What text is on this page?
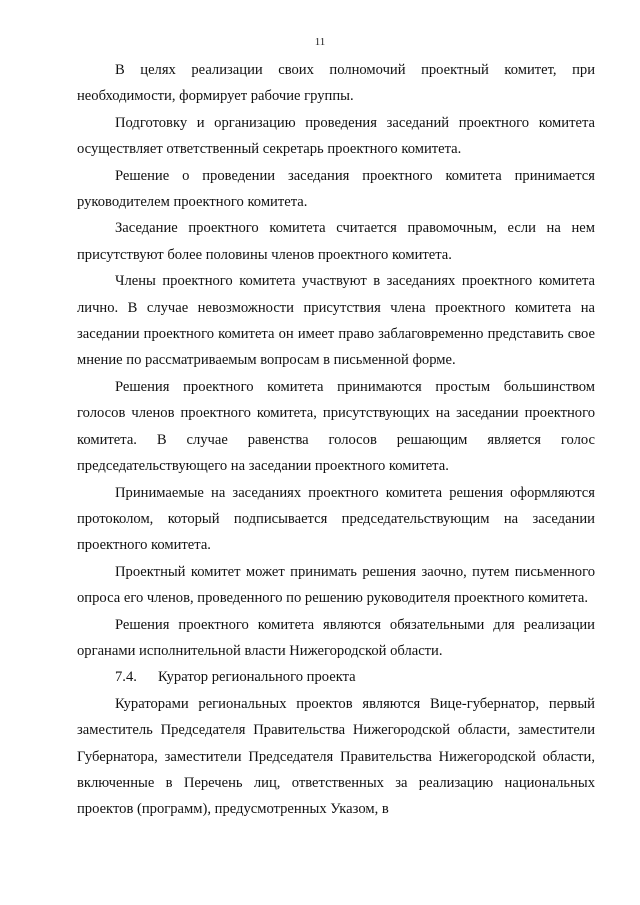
11

В целях реализации своих полномочий проектный комитет, при необходимости, формирует рабочие группы.

Подготовку и организацию проведения заседаний проектного комитета осуществляет ответственный секретарь проектного комитета.

Решение о проведении заседания проектного комитета принимается руководителем проектного комитета.

Заседание проектного комитета считается правомочным, если на нем присутствуют более половины членов проектного комитета.

Члены проектного комитета участвуют в заседаниях проектного комитета лично. В случае невозможности присутствия члена проектного комитета на заседании проектного комитета он имеет право заблаговременно представить свое мнение по рассматриваемым вопросам в письменной форме.

Решения проектного комитета принимаются простым большинством голосов членов проектного комитета, присутствующих на заседании проектного комитета. В случае равенства голосов решающим является голос председательствующего на заседании проектного комитета.

Принимаемые на заседаниях проектного комитета решения оформляются протоколом, который подписывается председательствующим на заседании проектного комитета.

Проектный комитет может принимать решения заочно, путем письменного опроса его членов, проведенного по решению руководителя проектного комитета.

Решения проектного комитета являются обязательными для реализации органами исполнительной власти Нижегородской области.

7.4. Куратор регионального проекта

Кураторами региональных проектов являются Вице-губернатор, первый заместитель Председателя Правительства Нижегородской области, заместители Губернатора, заместители Председателя Правительства Нижегородской области, включенные в Перечень лиц, ответственных за реализацию национальных проектов (программ), предусмотренных Указом, в
